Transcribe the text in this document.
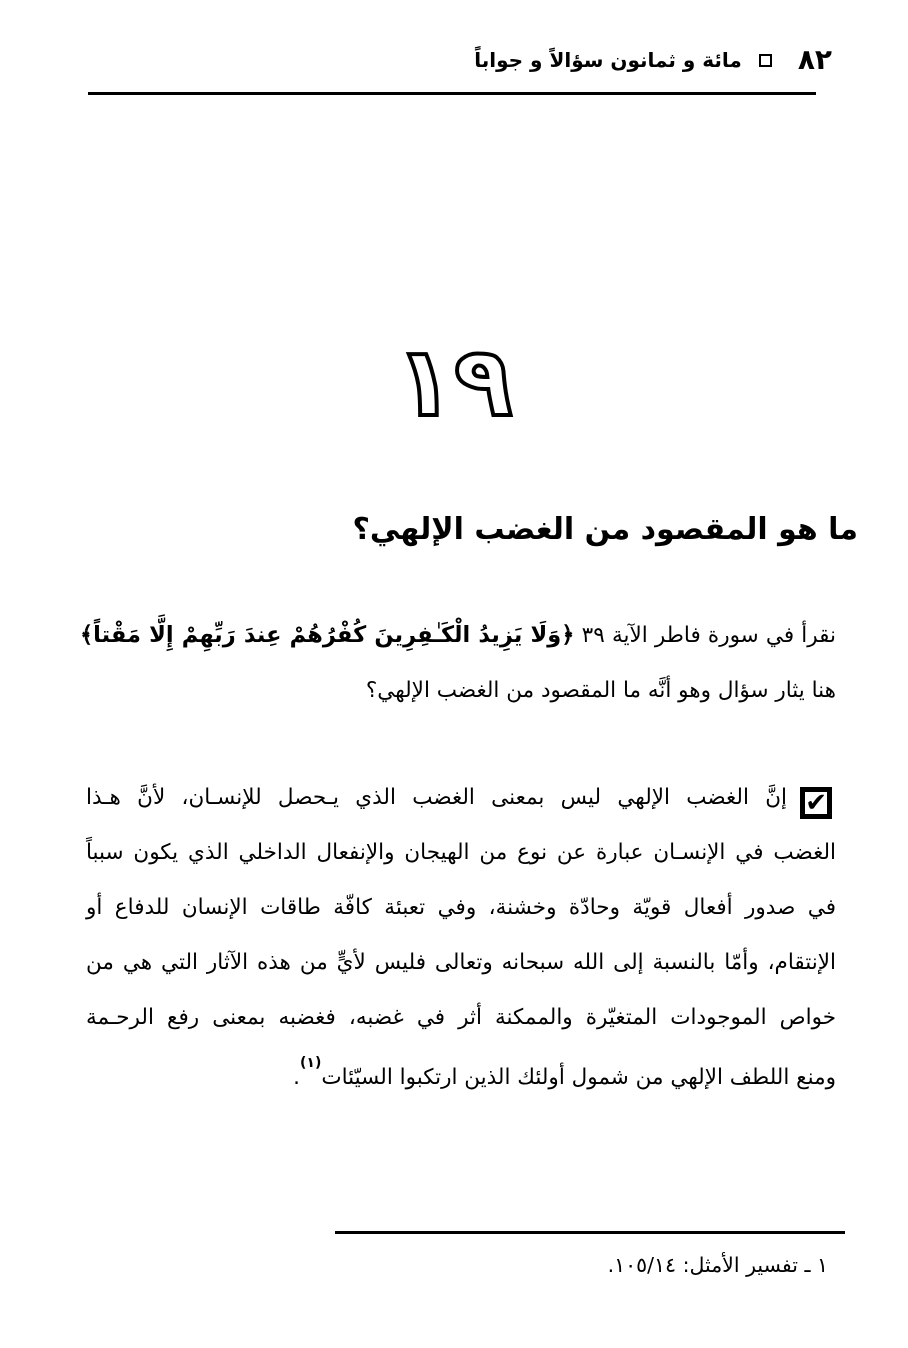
٨٢
مائة و ثمانون سؤالاً و جواباً
١٩
ما هو المقصود من الغضب الإلهي؟

نقرأ في سورة فاطر الآية ٣٩ ﴿وَلَا يَزِيدُ الْكَـٰفِرِينَ كُفْرُهُمْ عِندَ رَبِّهِمْ إِلَّا مَقْتاً﴾

هنا يثار سؤال وهو أنَّه ما المقصود من الغضب الإلهي؟

✔إنَّ الغضب الإلهي ليس بمعنى الغضب الذي يـحصل للإنسـان، لأنَّ هـذا
الغضب في الإنسـان عبارة عن نوع من الهيجان والإنفعال الداخلي الذي يكون سبباً
في صدور أفعال قويّة وحادّة وخشنة، وفي تعبئة كافّة طاقات الإنسان للدفاع أو
الإنتقام، وأمّا بالنسبة إلى الله سبحانه وتعالى فليس لأيٍّ من هذه الآثار التي هي من
خواص الموجودات المتغيّرة والممكنة أثر في غضبه، فغضبه بمعنى رفع الرحـمة
ومنع اللطف الإلهي من شمول أولئك الذين ارتكبوا السيّئات$^{(١)}$.
١ ـ تفسير الأمثل: ١٠٥/١٤.
